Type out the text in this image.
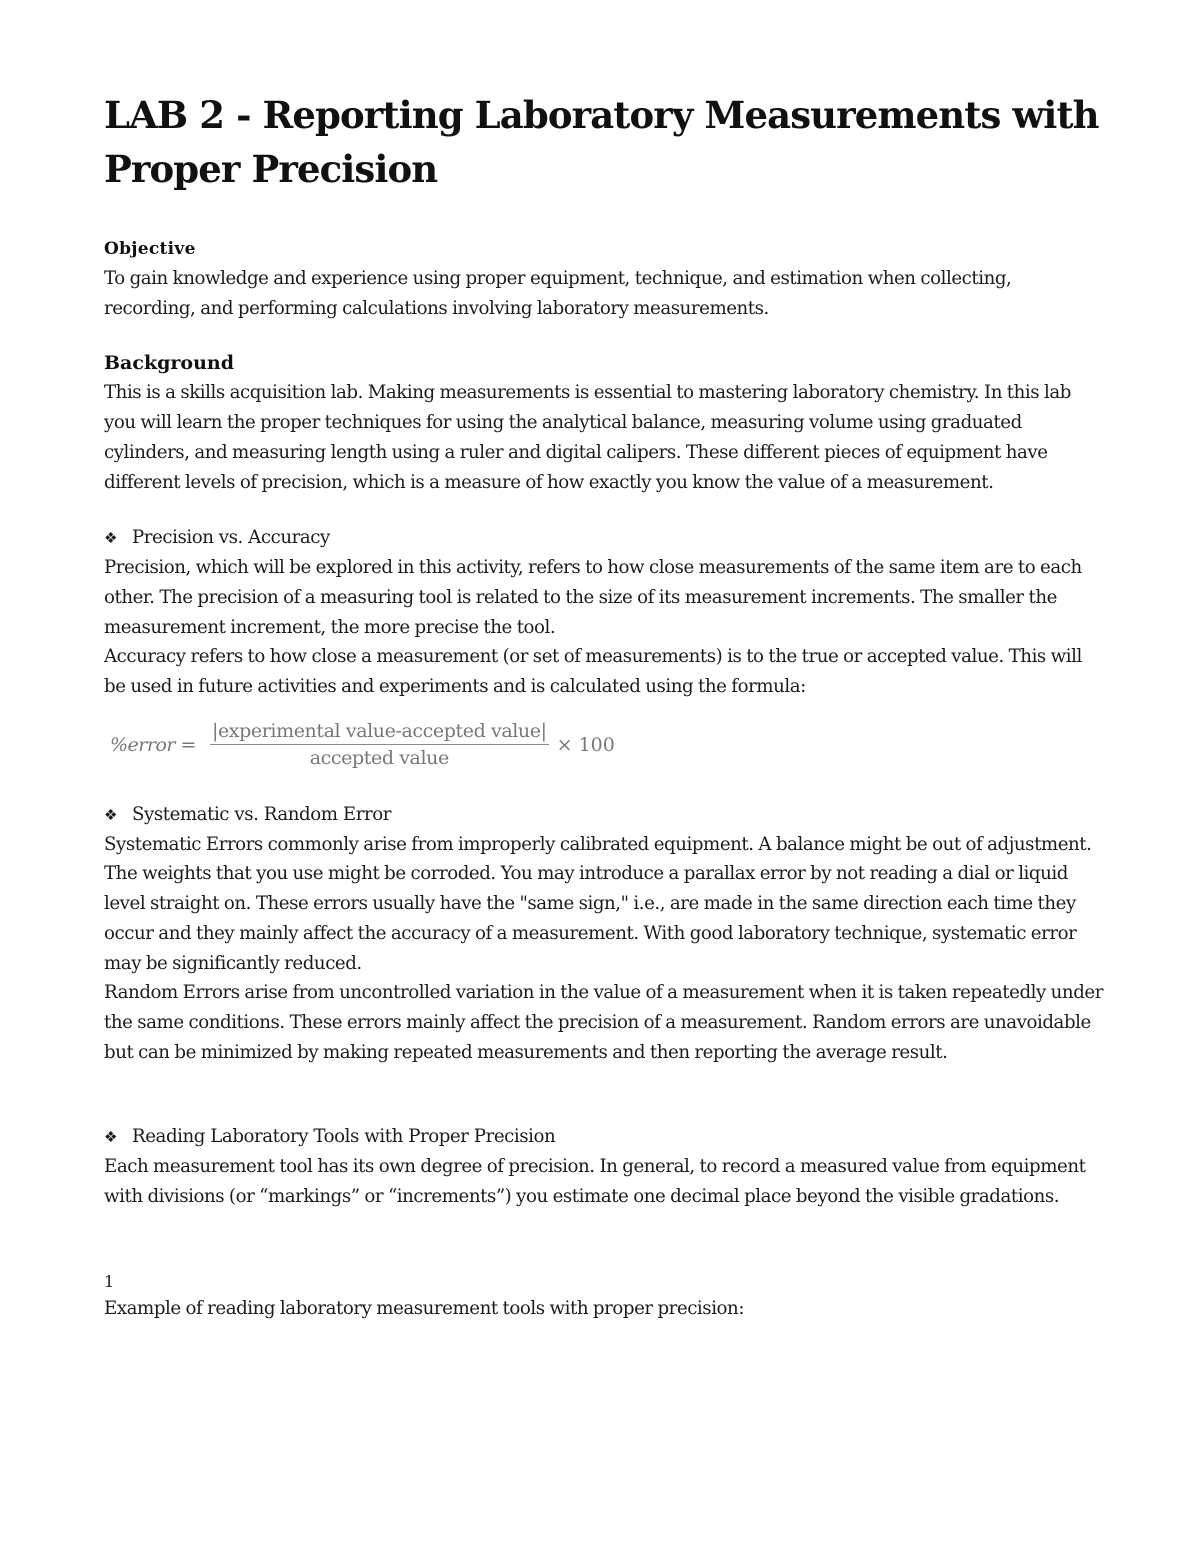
LAB 2 - Reporting Laboratory Measurements with Proper Precision
Objective

To gain knowledge and experience using proper equipment, technique, and estimation when collecting, recording, and performing calculations involving laboratory measurements.

Background

This is a skills acquisition lab. Making measurements is essential to mastering laboratory chemistry. In this lab you will learn the proper techniques for using the analytical balance, measuring volume using graduated cylinders, and measuring length using a ruler and digital calipers. These different pieces of equipment have different levels of precision, which is a measure of how exactly you know the value of a measurement.

❖ Precision vs. Accuracy

Precision, which will be explored in this activity, refers to how close measurements of the same item are to each other. The precision of a measuring tool is related to the size of its measurement increments. The smaller the measurement increment, the more precise the tool.

Accuracy refers to how close a measurement (or set of measurements) is to the true or accepted value. This will be used in future activities and experiments and is calculated using the formula:

%error = $\frac{\text{|experimental value-accepted value|}}{\text{accepted value}} \times 100$
❖ Systematic vs. Random Error

Systematic Errors commonly arise from improperly calibrated equipment. A balance might be out of adjustment. The weights that you use might be corroded. You may introduce a parallax error by not reading a dial or liquid level straight on. These errors usually have the "same sign," i.e., are made in the same direction each time they occur and they mainly affect the accuracy of a measurement. With good laboratory technique, systematic error may be significantly reduced.

Random Errors arise from uncontrolled variation in the value of a measurement when it is taken repeatedly under the same conditions. These errors mainly affect the precision of a measurement. Random errors are unavoidable but can be minimized by making repeated measurements and then reporting the average result.

❖ Reading Laboratory Tools with Proper Precision

Each measurement tool has its own degree of precision. In general, to record a measured value from equipment with divisions (or “markings” or “increments”) you estimate one decimal place beyond the visible gradations.

1

Example of reading laboratory measurement tools with proper precision:
